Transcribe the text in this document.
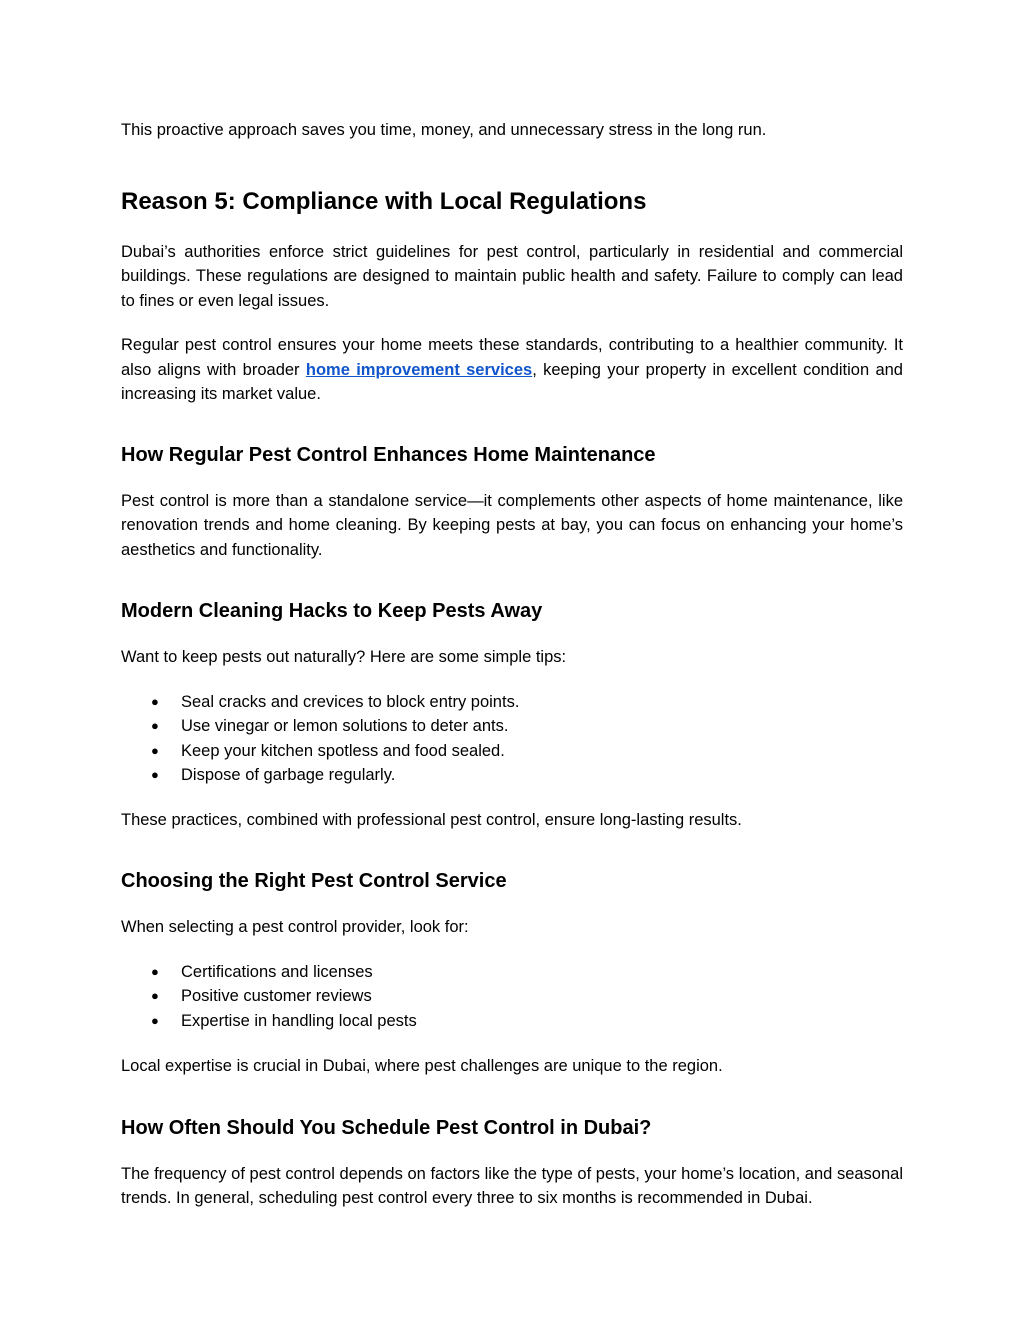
This proactive approach saves you time, money, and unnecessary stress in the long run.

Reason 5: Compliance with Local Regulations

Dubai’s authorities enforce strict guidelines for pest control, particularly in residential and commercial buildings. These regulations are designed to maintain public health and safety. Failure to comply can lead to fines or even legal issues.

Regular pest control ensures your home meets these standards, contributing to a healthier community. It also aligns with broader home improvement services, keeping your property in excellent condition and increasing its market value.

How Regular Pest Control Enhances Home Maintenance

Pest control is more than a standalone service—it complements other aspects of home maintenance, like renovation trends and home cleaning. By keeping pests at bay, you can focus on enhancing your home’s aesthetics and functionality.

Modern Cleaning Hacks to Keep Pests Away

Want to keep pests out naturally? Here are some simple tips:

● Seal cracks and crevices to block entry points.
● Use vinegar or lemon solutions to deter ants.
● Keep your kitchen spotless and food sealed.
● Dispose of garbage regularly.

These practices, combined with professional pest control, ensure long-lasting results.

Choosing the Right Pest Control Service

When selecting a pest control provider, look for:

● Certifications and licenses
● Positive customer reviews
● Expertise in handling local pests

Local expertise is crucial in Dubai, where pest challenges are unique to the region.

How Often Should You Schedule Pest Control in Dubai?

The frequency of pest control depends on factors like the type of pests, your home’s location, and seasonal trends. In general, scheduling pest control every three to six months is recommended in Dubai.
